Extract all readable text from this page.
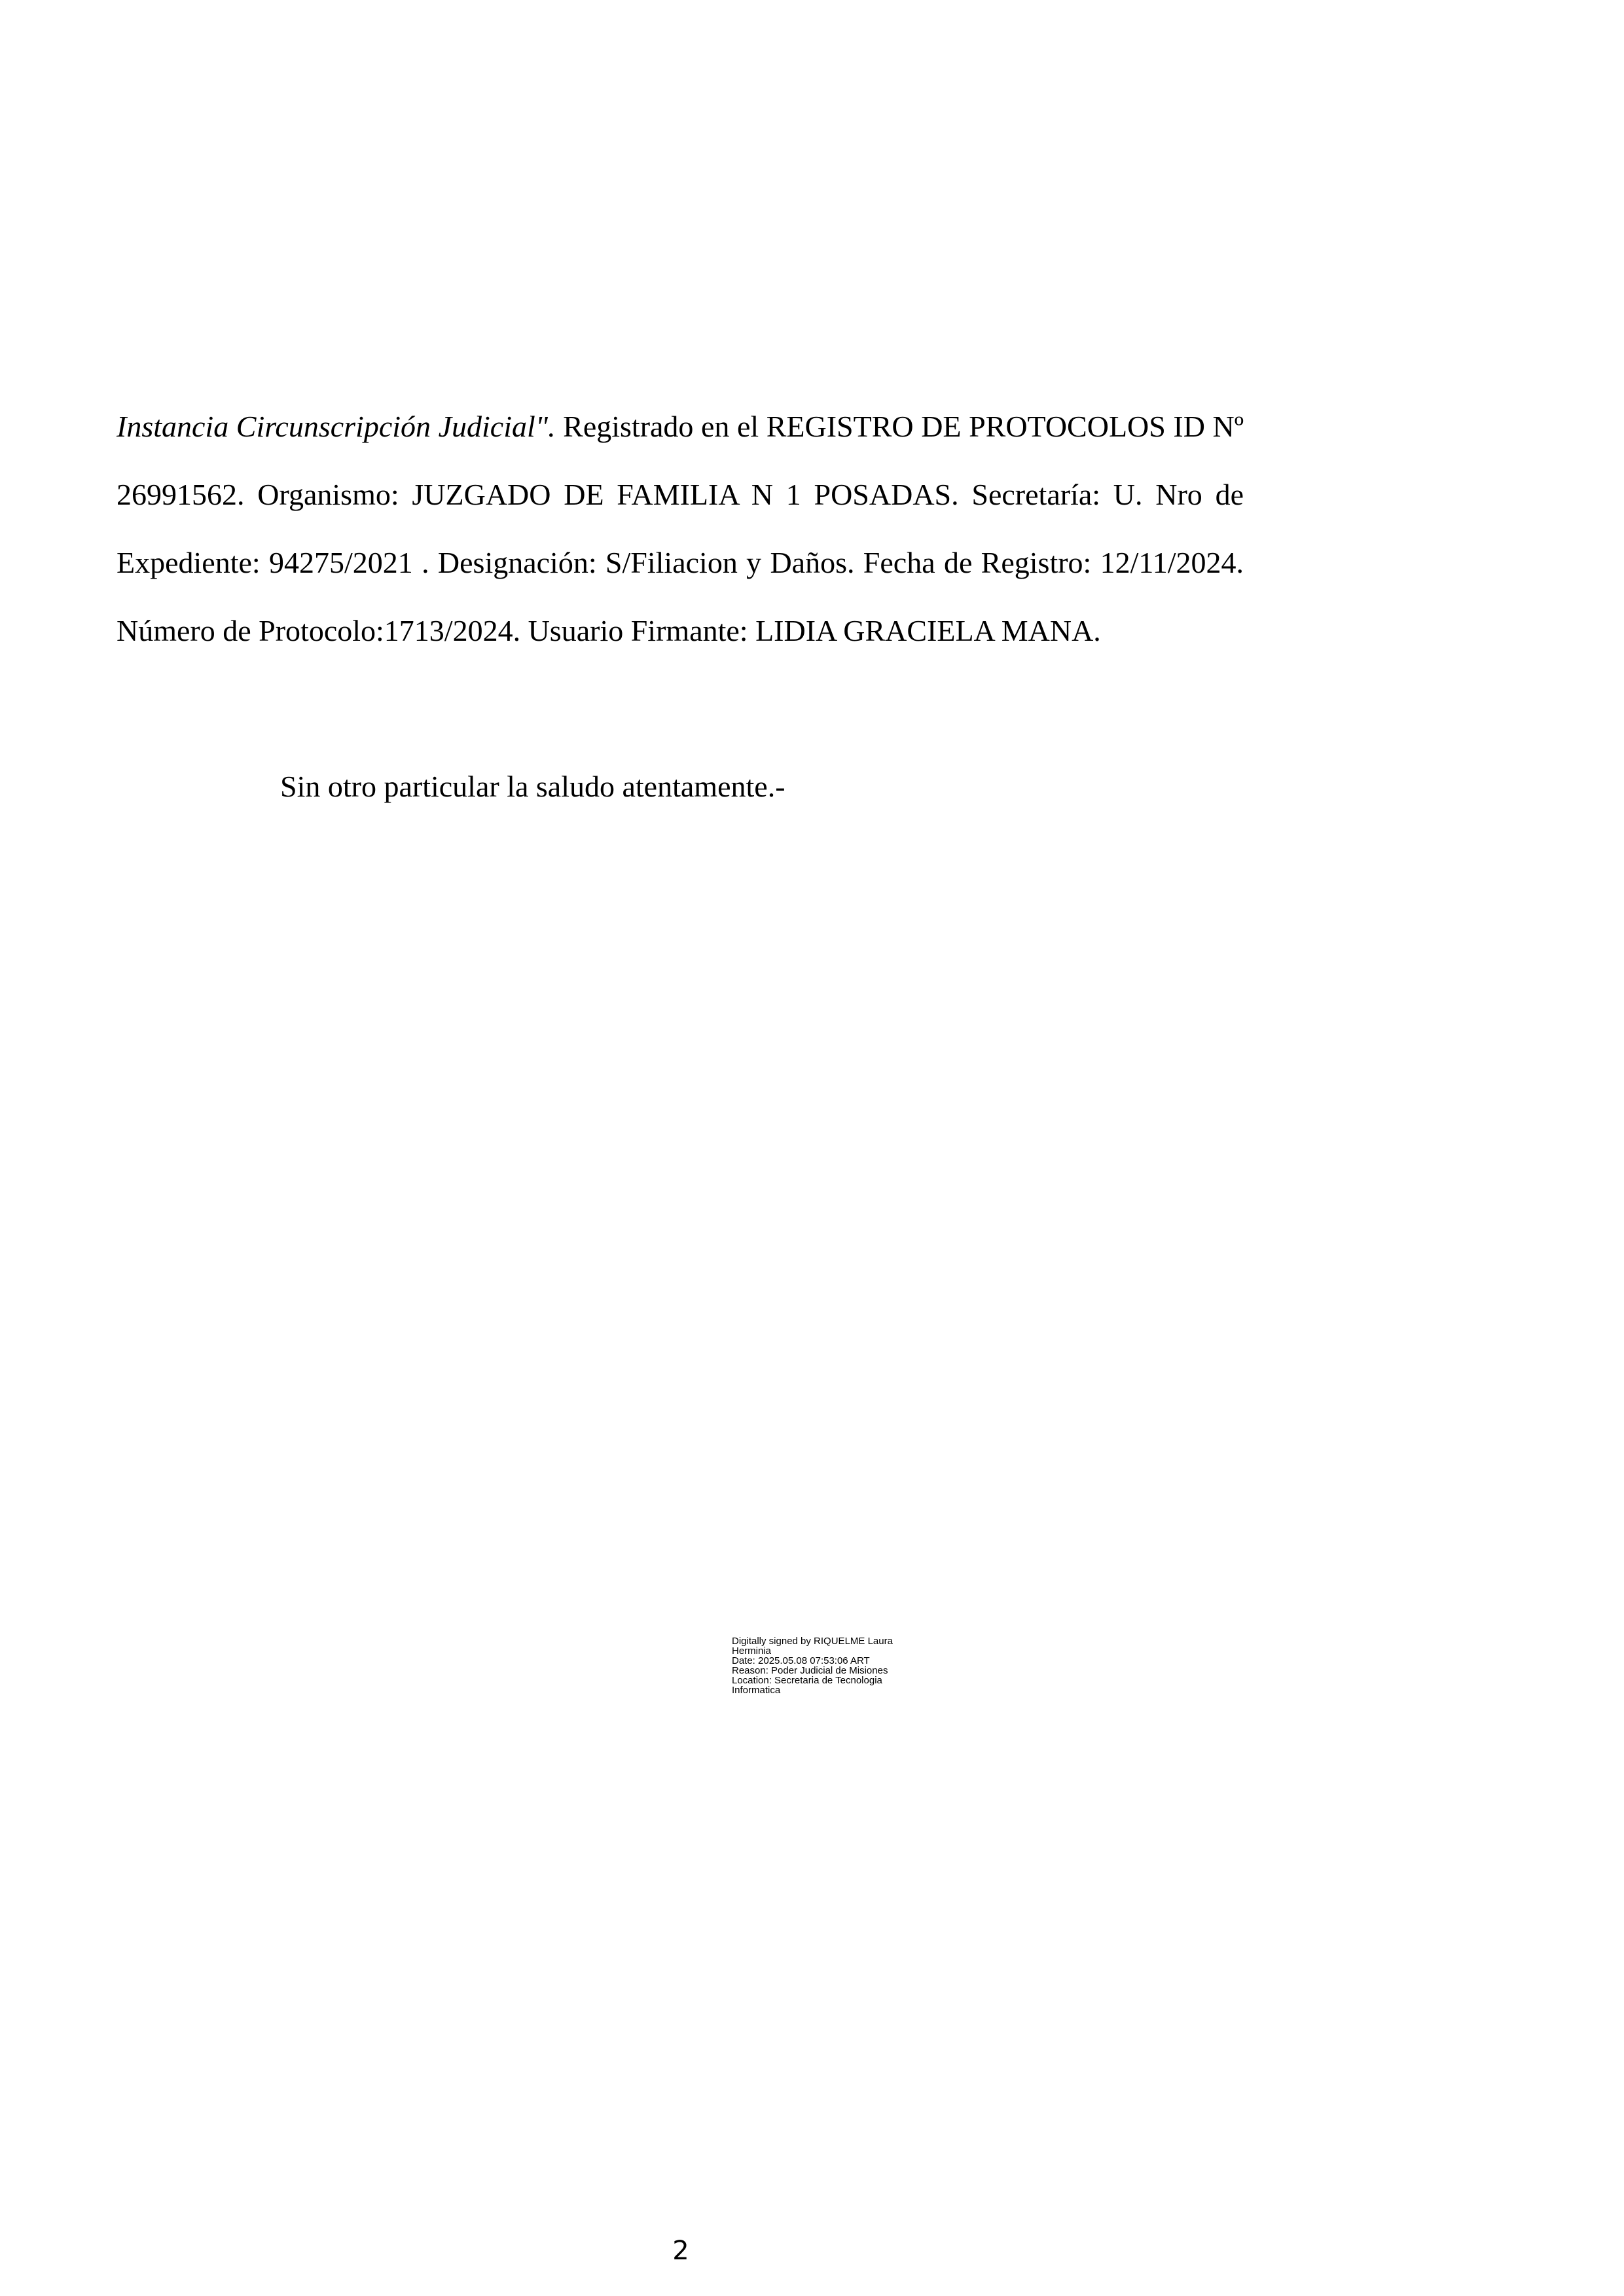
Instancia Circunscripción Judicial". Registrado en el REGISTRO DE PROTOCOLOS ID Nº 26991562. Organismo: JUZGADO DE FAMILIA N 1 POSADAS. Secretaría: U. Nro de Expediente: 94275/2021 . Designación: S/Filiacion y Daños. Fecha de Registro: 12/11/2024. Número de Protocolo:1713/2024. Usuario Firmante: LIDIA GRACIELA MANA.

Sin otro particular la saludo atentamente.-

Digitally signed by RIQUELME Laura
Herminia
Date: 2025.05.08 07:53:06 ART
Reason: Poder Judicial de Misiones
Location: Secretaria de Tecnologia
Informatica

2
